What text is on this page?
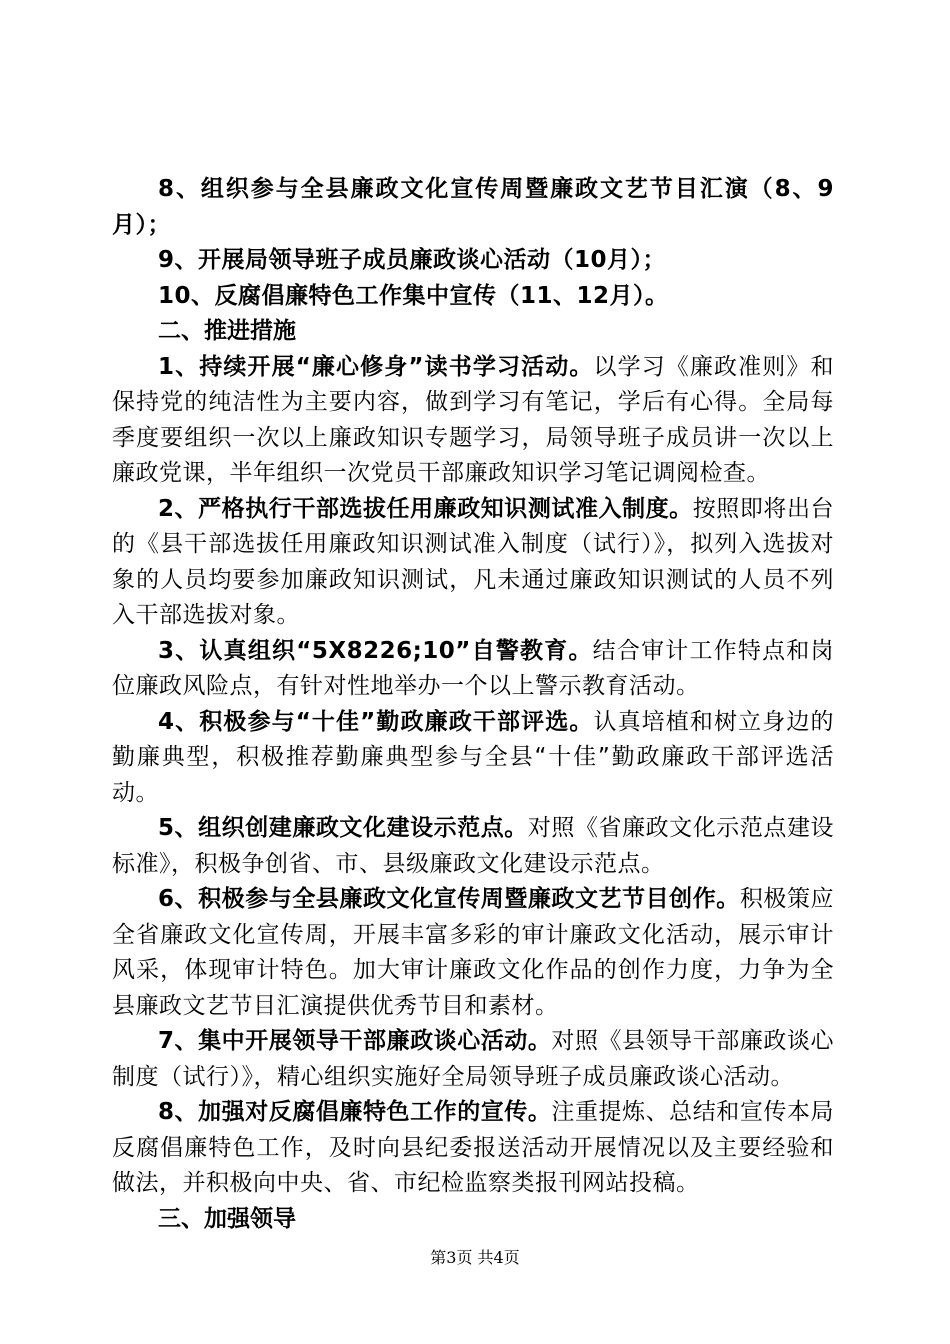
8、组织参与全县廉政文化宣传周暨廉政文艺节目汇演（8、9月）；

9、开展局领导班子成员廉政谈心活动（10月）；

10、反腐倡廉特色工作集中宣传（11、12月）。

二、推进措施

1、持续开展“廉心修身”读书学习活动。以学习《廉政准则》和保持党的纯洁性为主要内容，做到学习有笔记，学后有心得。全局每季度要组织一次以上廉政知识专题学习，局领导班子成员讲一次以上廉政党课，半年组织一次党员干部廉政知识学习笔记调阅检查。

2、严格执行干部选拔任用廉政知识测试准入制度。按照即将出台的《县干部选拔任用廉政知识测试准入制度（试行）》，拟列入选拔对象的人员均要参加廉政知识测试，凡未通过廉政知识测试的人员不列入干部选拔对象。

3、认真组织“5X8226;10”自警教育。结合审计工作特点和岗位廉政风险点，有针对性地举办一个以上警示教育活动。

4、积极参与“十佳”勤政廉政干部评选。认真培植和树立身边的勤廉典型，积极推荐勤廉典型参与全县“十佳”勤政廉政干部评选活动。

5、组织创建廉政文化建设示范点。对照《省廉政文化示范点建设标准》，积极争创省、市、县级廉政文化建设示范点。

6、积极参与全县廉政文化宣传周暨廉政文艺节目创作。积极策应全省廉政文化宣传周，开展丰富多彩的审计廉政文化活动，展示审计风采，体现审计特色。加大审计廉政文化作品的创作力度，力争为全县廉政文艺节目汇演提供优秀节目和素材。

7、集中开展领导干部廉政谈心活动。对照《县领导干部廉政谈心制度（试行）》，精心组织实施好全局领导班子成员廉政谈心活动。

8、加强对反腐倡廉特色工作的宣传。注重提炼、总结和宣传本局反腐倡廉特色工作，及时向县纪委报送活动开展情况以及主要经验和做法，并积极向中央、省、市纪检监察类报刊网站投稿。

三、加强领导

第3页 共4页
